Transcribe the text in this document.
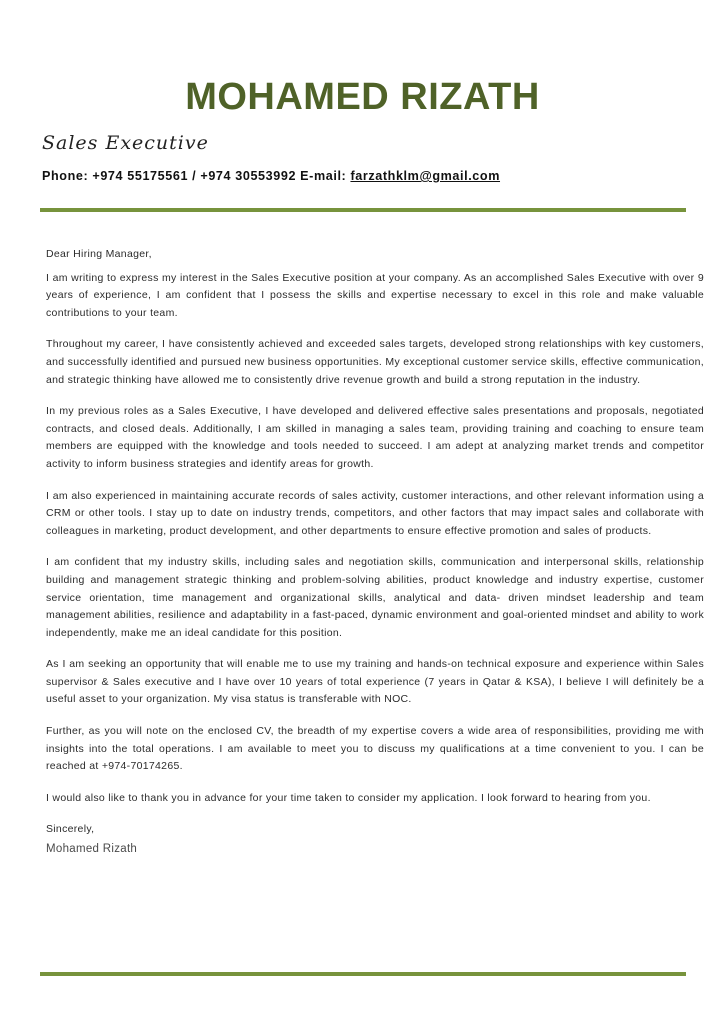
MOHAMED RIZATH
Sales Executive
Phone: +974 55175561 / +974 30553992 E-mail: farzathklm@gmail.com

Dear Hiring Manager,

I am writing to express my interest in the Sales Executive position at your company. As an accomplished Sales Executive with over 9 years of experience, I am confident that I possess the skills and expertise necessary to excel in this role and make valuable contributions to your team.

Throughout my career, I have consistently achieved and exceeded sales targets, developed strong relationships with key customers, and successfully identified and pursued new business opportunities. My exceptional customer service skills, effective communication, and strategic thinking have allowed me to consistently drive revenue growth and build a strong reputation in the industry.

In my previous roles as a Sales Executive, I have developed and delivered effective sales presentations and proposals, negotiated contracts, and closed deals. Additionally, I am skilled in managing a sales team, providing training and coaching to ensure team members are equipped with the knowledge and tools needed to succeed. I am adept at analyzing market trends and competitor activity to inform business strategies and identify areas for growth.

I am also experienced in maintaining accurate records of sales activity, customer interactions, and other relevant information using a CRM or other tools. I stay up to date on industry trends, competitors, and other factors that may impact sales and collaborate with colleagues in marketing, product development, and other departments to ensure effective promotion and sales of products.

I am confident that my industry skills, including sales and negotiation skills, communication and interpersonal skills, relationship building and management strategic thinking and problem-solving abilities, product knowledge and industry expertise, customer service orientation, time management and organizational skills, analytical and data- driven mindset leadership and team management abilities, resilience and adaptability in a fast-paced, dynamic environment and goal-oriented mindset and ability to work independently, make me an ideal candidate for this position.

As I am seeking an opportunity that will enable me to use my training and hands-on technical exposure and experience within Sales supervisor & Sales executive and I have over 10 years of total experience (7 years in Qatar & KSA), I believe I will definitely be a useful asset to your organization. My visa status is transferable with NOC.

Further, as you will note on the enclosed CV, the breadth of my expertise covers a wide area of responsibilities, providing me with insights into the total operations. I am available to meet you to discuss my qualifications at a time convenient to you. I can be reached at +974-70174265.

I would also like to thank you in advance for your time taken to consider my application. I look forward to hearing from you.

Sincerely,

Mohamed Rizath
